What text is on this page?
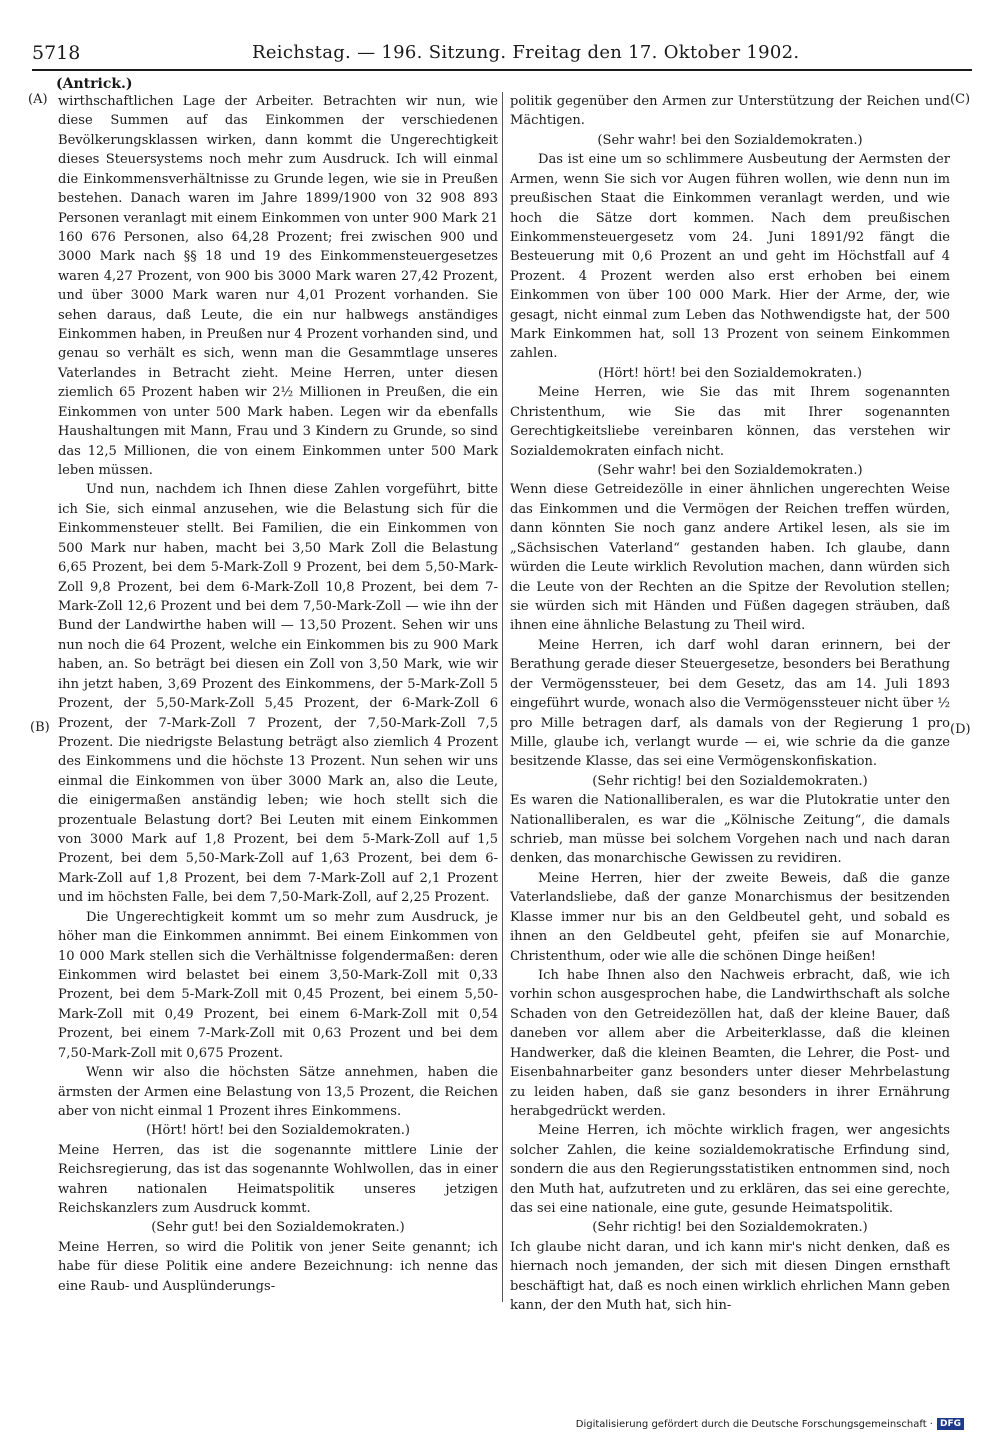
5718	Reichstag. — 196. Sitzung. Freitag den 17. Oktober 1902.
(Antrick.)
(A)
(B)
(C)
(D)

wirthschaftlichen Lage der Arbeiter. Betrachten wir nun, wie diese Summen auf das Einkommen der verschiedenen Bevölkerungsklassen wirken, dann kommt die Ungerechtigkeit dieses Steuersystems noch mehr zum Ausdruck. Ich will einmal die Einkommensverhältnisse zu Grunde legen, wie sie in Preußen bestehen. Danach waren im Jahre 1899/1900 von 32 908 893 Personen veranlagt mit einem Einkommen von unter 900 Mark 21 160 676 Personen, also 64,28 Prozent; frei zwischen 900 und 3000 Mark nach §§ 18 und 19 des Einkommensteuergesetzes waren 4,27 Prozent, von 900 bis 3000 Mark waren 27,42 Prozent, und über 3000 Mark waren nur 4,01 Prozent vorhanden. Sie sehen daraus, daß Leute, die ein nur halbwegs anständiges Einkommen haben, in Preußen nur 4 Prozent vorhanden sind, und genau so verhält es sich, wenn man die Gesammtlage unseres Vaterlandes in Betracht zieht. Meine Herren, unter diesen ziemlich 65 Prozent haben wir 2½ Millionen in Preußen, die ein Einkommen von unter 500 Mark haben. Legen wir da ebenfalls Haushaltungen mit Mann, Frau und 3 Kindern zu Grunde, so sind das 12,5 Millionen, die von einem Einkommen unter 500 Mark leben müssen.

Und nun, nachdem ich Ihnen diese Zahlen vorgeführt, bitte ich Sie, sich einmal anzusehen, wie die Belastung sich für die Einkommensteuer stellt. Bei Familien, die ein Einkommen von 500 Mark nur haben, macht bei 3,50 Mark Zoll die Belastung 6,65 Prozent, bei dem 5-Mark-Zoll 9 Prozent, bei dem 5,50-Mark-Zoll 9,8 Prozent, bei dem 6-Mark-Zoll 10,8 Prozent, bei dem 7-Mark-Zoll 12,6 Prozent und bei dem 7,50-Mark-Zoll — wie ihn der Bund der Landwirthe haben will — 13,50 Prozent. Sehen wir uns nun noch die 64 Prozent, welche ein Einkommen bis zu 900 Mark haben, an. So beträgt bei diesen ein Zoll von 3,50 Mark, wie wir ihn jetzt haben, 3,69 Prozent des Einkommens, der 5-Mark-Zoll 5 Prozent, der 5,50-Mark-Zoll 5,45 Prozent, der 6-Mark-Zoll 6 Prozent, der 7-Mark-Zoll 7 Prozent, der 7,50-Mark-Zoll 7,5 Prozent. Die niedrigste Belastung beträgt also ziemlich 4 Prozent des Einkommens und die höchste 13 Prozent. Nun sehen wir uns einmal die Einkommen von über 3000 Mark an, also die Leute, die einigermaßen anständig leben; wie hoch stellt sich die prozentuale Belastung dort? Bei Leuten mit einem Einkommen von 3000 Mark auf 1,8 Prozent, bei dem 5-Mark-Zoll auf 1,5 Prozent, bei dem 5,50-Mark-Zoll auf 1,63 Prozent, bei dem 6-Mark-Zoll auf 1,8 Prozent, bei dem 7-Mark-Zoll auf 2,1 Prozent und im höchsten Falle, bei dem 7,50-Mark-Zoll, auf 2,25 Prozent.

Die Ungerechtigkeit kommt um so mehr zum Ausdruck, je höher man die Einkommen annimmt. Bei einem Einkommen von 10 000 Mark stellen sich die Verhältnisse folgendermaßen: deren Einkommen wird belastet bei einem 3,50-Mark-Zoll mit 0,33 Prozent, bei dem 5-Mark-Zoll mit 0,45 Prozent, bei einem 5,50-Mark-Zoll mit 0,49 Prozent, bei einem 6-Mark-Zoll mit 0,54 Prozent, bei einem 7-Mark-Zoll mit 0,63 Prozent und bei dem 7,50-Mark-Zoll mit 0,675 Prozent.

Wenn wir also die höchsten Sätze annehmen, haben die ärmsten der Armen eine Belastung von 13,5 Prozent, die Reichen aber von nicht einmal 1 Prozent ihres Einkommens.

(Hört! hört! bei den Sozialdemokraten.)

Meine Herren, das ist die sogenannte mittlere Linie der Reichsregierung, das ist das sogenannte Wohlwollen, das in einer wahren nationalen Heimatspolitik unseres jetzigen Reichskanzlers zum Ausdruck kommt.

(Sehr gut! bei den Sozialdemokraten.)

Meine Herren, so wird die Politik von jener Seite genannt; ich habe für diese Politik eine andere Bezeichnung: ich nenne das eine Raub- und Ausplünderungs-

politik gegenüber den Armen zur Unterstützung der Reichen und Mächtigen.

(Sehr wahr! bei den Sozialdemokraten.)

Das ist eine um so schlimmere Ausbeutung der Aermsten der Armen, wenn Sie sich vor Augen führen wollen, wie denn nun im preußischen Staat die Einkommen veranlagt werden, und wie hoch die Sätze dort kommen. Nach dem preußischen Einkommensteuergesetz vom 24. Juni 1891/92 fängt die Besteuerung mit 0,6 Prozent an und geht im Höchstfall auf 4 Prozent. 4 Prozent werden also erst erhoben bei einem Einkommen von über 100 000 Mark. Hier der Arme, der, wie gesagt, nicht einmal zum Leben das Nothwendigste hat, der 500 Mark Einkommen hat, soll 13 Prozent von seinem Einkommen zahlen.

(Hört! hört! bei den Sozialdemokraten.)

Meine Herren, wie Sie das mit Ihrem sogenannten Christenthum, wie Sie das mit Ihrer sogenannten Gerechtigkeitsliebe vereinbaren können, das verstehen wir Sozialdemokraten einfach nicht.

(Sehr wahr! bei den Sozialdemokraten.)

Wenn diese Getreidezölle in einer ähnlichen ungerechten Weise das Einkommen und die Vermögen der Reichen treffen würden, dann könnten Sie noch ganz andere Artikel lesen, als sie im „Sächsischen Vaterland“ gestanden haben. Ich glaube, dann würden die Leute wirklich Revolution machen, dann würden sich die Leute von der Rechten an die Spitze der Revolution stellen; sie würden sich mit Händen und Füßen dagegen sträuben, daß ihnen eine ähnliche Belastung zu Theil wird.

Meine Herren, ich darf wohl daran erinnern, bei der Berathung gerade dieser Steuergesetze, besonders bei Berathung der Vermögenssteuer, bei dem Gesetz, das am 14. Juli 1893 eingeführt wurde, wonach also die Vermögenssteuer nicht über ½ pro Mille betragen darf, als damals von der Regierung 1 pro Mille, glaube ich, verlangt wurde — ei, wie schrie da die ganze besitzende Klasse, das sei eine Vermögenskonfiskation.

(Sehr richtig! bei den Sozialdemokraten.)

Es waren die Nationalliberalen, es war die Plutokratie unter den Nationalliberalen, es war die „Kölnische Zeitung“, die damals schrieb, man müsse bei solchem Vorgehen nach und nach daran denken, das monarchische Gewissen zu revidiren.

Meine Herren, hier der zweite Beweis, daß die ganze Vaterlandsliebe, daß der ganze Monarchismus der besitzenden Klasse immer nur bis an den Geldbeutel geht, und sobald es ihnen an den Geldbeutel geht, pfeifen sie auf Monarchie, Christenthum, oder wie alle die schönen Dinge heißen!

Ich habe Ihnen also den Nachweis erbracht, daß, wie ich vorhin schon ausgesprochen habe, die Landwirthschaft als solche Schaden von den Getreidezöllen hat, daß der kleine Bauer, daß daneben vor allem aber die Arbeiterklasse, daß die kleinen Handwerker, daß die kleinen Beamten, die Lehrer, die Post- und Eisenbahnarbeiter ganz besonders unter dieser Mehrbelastung zu leiden haben, daß sie ganz besonders in ihrer Ernährung herabgedrückt werden.

Meine Herren, ich möchte wirklich fragen, wer angesichts solcher Zahlen, die keine sozialdemokratische Erfindung sind, sondern die aus den Regierungsstatistiken entnommen sind, noch den Muth hat, aufzutreten und zu erklären, das sei eine gerechte, das sei eine nationale, eine gute, gesunde Heimatspolitik.

(Sehr richtig! bei den Sozialdemokraten.)

Ich glaube nicht daran, und ich kann mir's nicht denken, daß es hiernach noch jemanden, der sich mit diesen Dingen ernsthaft beschäftigt hat, daß es noch einen wirklich ehrlichen Mann geben kann, der den Muth hat, sich hin-

Digitalisierung gefördert durch die Deutsche Forschungsgemeinschaft · DFG
